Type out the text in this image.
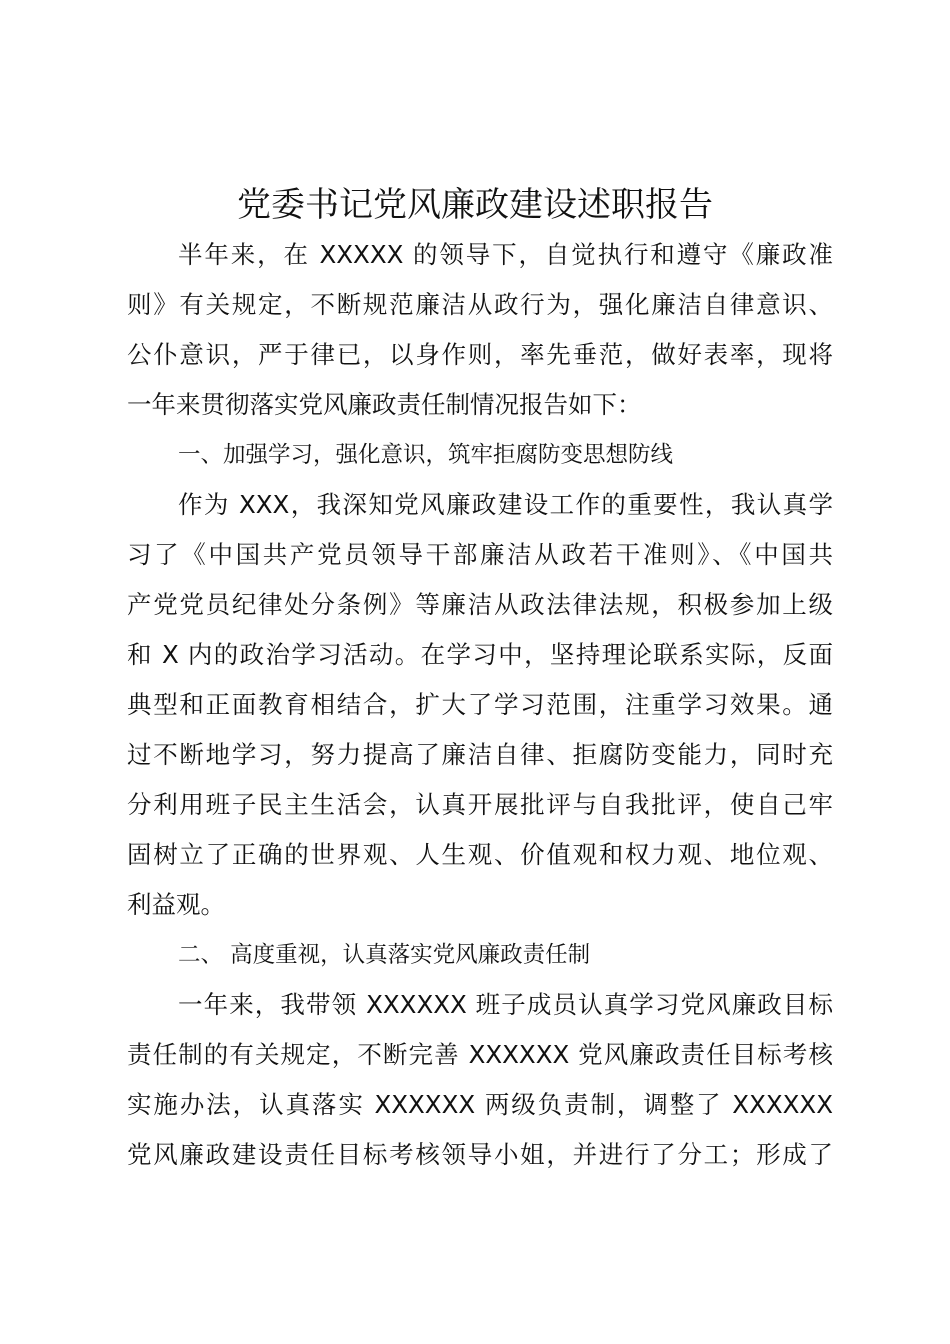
党委书记党风廉政建设述职报告
半年来，在 XXXXX 的领导下，自觉执行和遵守《廉政准
则》有关规定，不断规范廉洁从政行为，强化廉洁自律意识、
公仆意识，严于律已，以身作则，率先垂范，做好表率，现将
一年来贯彻落实党风廉政责任制情况报告如下：
一、加强学习，强化意识，筑牢拒腐防变思想防线
作为 XXX，我深知党风廉政建设工作的重要性，我认真学
习了《中国共产党员领导干部廉洁从政若干准则》、《中国共
产党党员纪律处分条例》等廉洁从政法律法规，积极参加上级
和 X 内的政治学习活动。在学习中，坚持理论联系实际，反面
典型和正面教育相结合，扩大了学习范围，注重学习效果。通
过不断地学习，努力提高了廉洁自律、拒腐防变能力，同时充
分利用班子民主生活会，认真开展批评与自我批评，使自己牢
固树立了正确的世界观、人生观、价值观和权力观、地位观、
利益观。
二、 高度重视，认真落实党风廉政责任制
一年来，我带领 XXXXXX 班子成员认真学习党风廉政目标
责任制的有关规定，不断完善 XXXXXX 党风廉政责任目标考核
实施办法，认真落实 XXXXXX 两级负责制，调整了 XXXXXX
党风廉政建设责任目标考核领导小姐，并进行了分工；形成了
